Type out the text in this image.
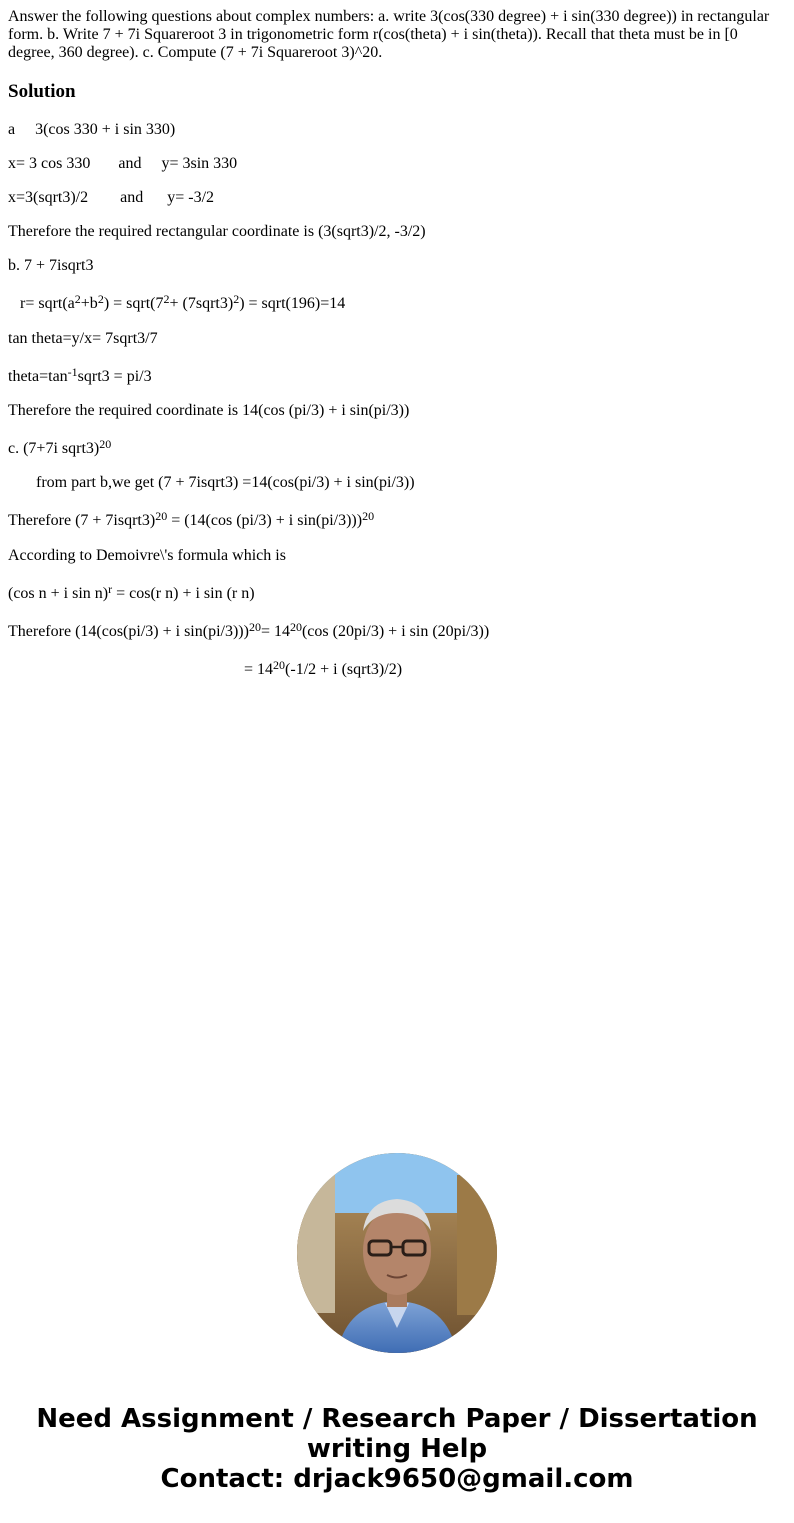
Answer the following questions about complex numbers: a. write 3(cos(330 degree) + i sin(330 degree)) in rectangular form. b. Write 7 + 7i Squareroot 3 in trigonometric form r(cos(theta) + i sin(theta)). Recall that theta must be in [0 degree, 360 degree). c. Compute (7 + 7i Squareroot 3)^20.

Solution

a     3(cos 330 + i sin 330)

x= 3 cos 330       and     y= 3sin 330

x=3(sqrt3)/2        and      y= -3/2

Therefore the required rectangular coordinate is (3(sqrt3)/2, -3/2)

b. 7 + 7isqrt3

$r= sqrt(a^2+b^2)$ = $sqrt(7^2+$ (7sqrt3)$^2$) = sqrt(196)=14

tan theta=y/x= 7sqrt3/7

$theta=\tan^{-1}sqrt3 = pi/3$

Therefore the required coordinate is 14(cos (pi/3) + i sin(pi/3))

c. (7+7i sqrt3)$^{20}$

from part b,we get (7 + 7isqrt3) =14(cos(pi/3) + i sin(pi/3))

Therefore (7 + 7isqrt3)$^{20}$ = (14(cos (pi/3) + i sin(pi/3)))$^{20}$

According to Demoivre\'s formula which is

(cos n + i sin n)$^r$ = cos(r n) + i sin (r n)

Therefore (14(cos(pi/3) + i $\sin(pi/3)))^{20}= 14^{20}(\cos$ (20pi/3) + i sin (20pi/3))

= $14^{20}(-1/2 + i$ (sqrt3)/2)

Need Assignment / Research Paper / Dissertation
writing Help
Contact: drjack9650@gmail.com
